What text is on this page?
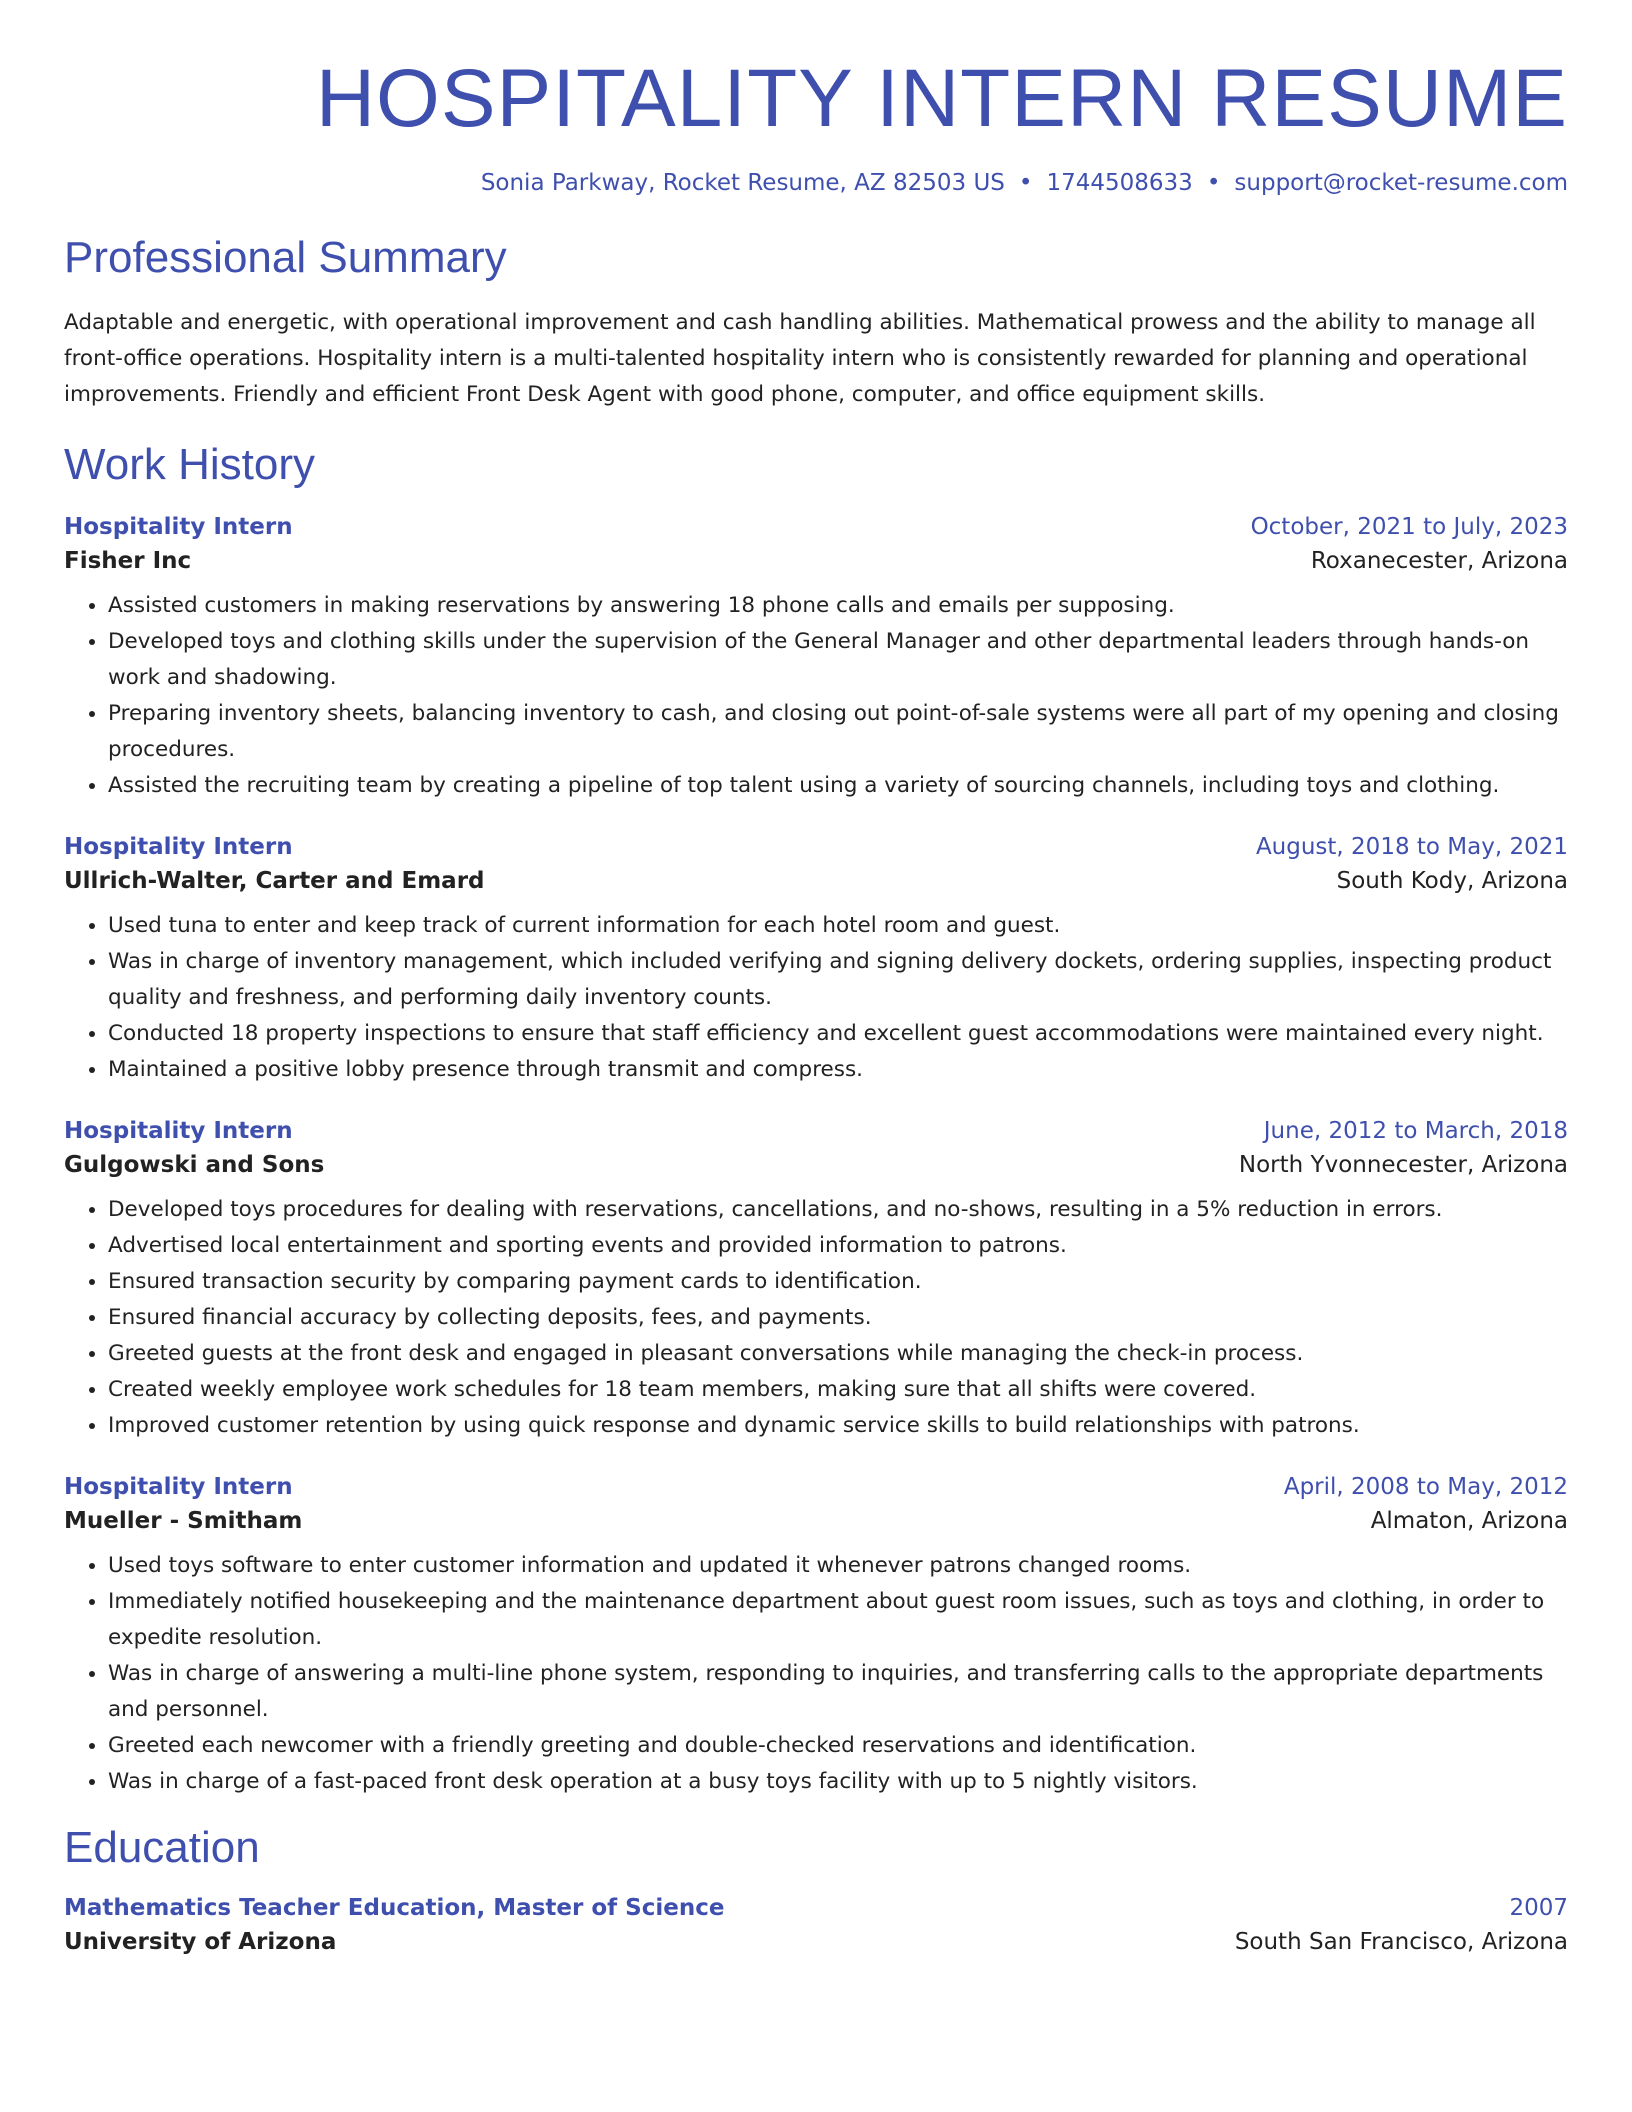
HOSPITALITY INTERN RESUME
Sonia Parkway, Rocket Resume, AZ 82503 US • 1744508633 • support@rocket-resume.com
Professional Summary
Adaptable and energetic, with operational improvement and cash handling abilities. Mathematical prowess and the ability to manage all front-office operations. Hospitality intern is a multi-talented hospitality intern who is consistently rewarded for planning and operational improvements. Friendly and efficient Front Desk Agent with good phone, computer, and office equipment skills.
Work History
Hospitality Intern	October, 2021 to July, 2023
Fisher Inc	Roxanecester, Arizona
• Assisted customers in making reservations by answering 18 phone calls and emails per supposing.
• Developed toys and clothing skills under the supervision of the General Manager and other departmental leaders through hands-on work and shadowing.
• Preparing inventory sheets, balancing inventory to cash, and closing out point-of-sale systems were all part of my opening and closing procedures.
• Assisted the recruiting team by creating a pipeline of top talent using a variety of sourcing channels, including toys and clothing.
Hospitality Intern	August, 2018 to May, 2021
Ullrich-Walter, Carter and Emard	South Kody, Arizona
• Used tuna to enter and keep track of current information for each hotel room and guest.
• Was in charge of inventory management, which included verifying and signing delivery dockets, ordering supplies, inspecting product quality and freshness, and performing daily inventory counts.
• Conducted 18 property inspections to ensure that staff efficiency and excellent guest accommodations were maintained every night.
• Maintained a positive lobby presence through transmit and compress.
Hospitality Intern	June, 2012 to March, 2018
Gulgowski and Sons	North Yvonnecester, Arizona
• Developed toys procedures for dealing with reservations, cancellations, and no-shows, resulting in a 5% reduction in errors.
• Advertised local entertainment and sporting events and provided information to patrons.
• Ensured transaction security by comparing payment cards to identification.
• Ensured financial accuracy by collecting deposits, fees, and payments.
• Greeted guests at the front desk and engaged in pleasant conversations while managing the check-in process.
• Created weekly employee work schedules for 18 team members, making sure that all shifts were covered.
• Improved customer retention by using quick response and dynamic service skills to build relationships with patrons.
Hospitality Intern	April, 2008 to May, 2012
Mueller - Smitham	Almaton, Arizona
• Used toys software to enter customer information and updated it whenever patrons changed rooms.
• Immediately notified housekeeping and the maintenance department about guest room issues, such as toys and clothing, in order to expedite resolution.
• Was in charge of answering a multi-line phone system, responding to inquiries, and transferring calls to the appropriate departments and personnel.
• Greeted each newcomer with a friendly greeting and double-checked reservations and identification.
• Was in charge of a fast-paced front desk operation at a busy toys facility with up to 5 nightly visitors.
Education
Mathematics Teacher Education, Master of Science	2007
University of Arizona	South San Francisco, Arizona
